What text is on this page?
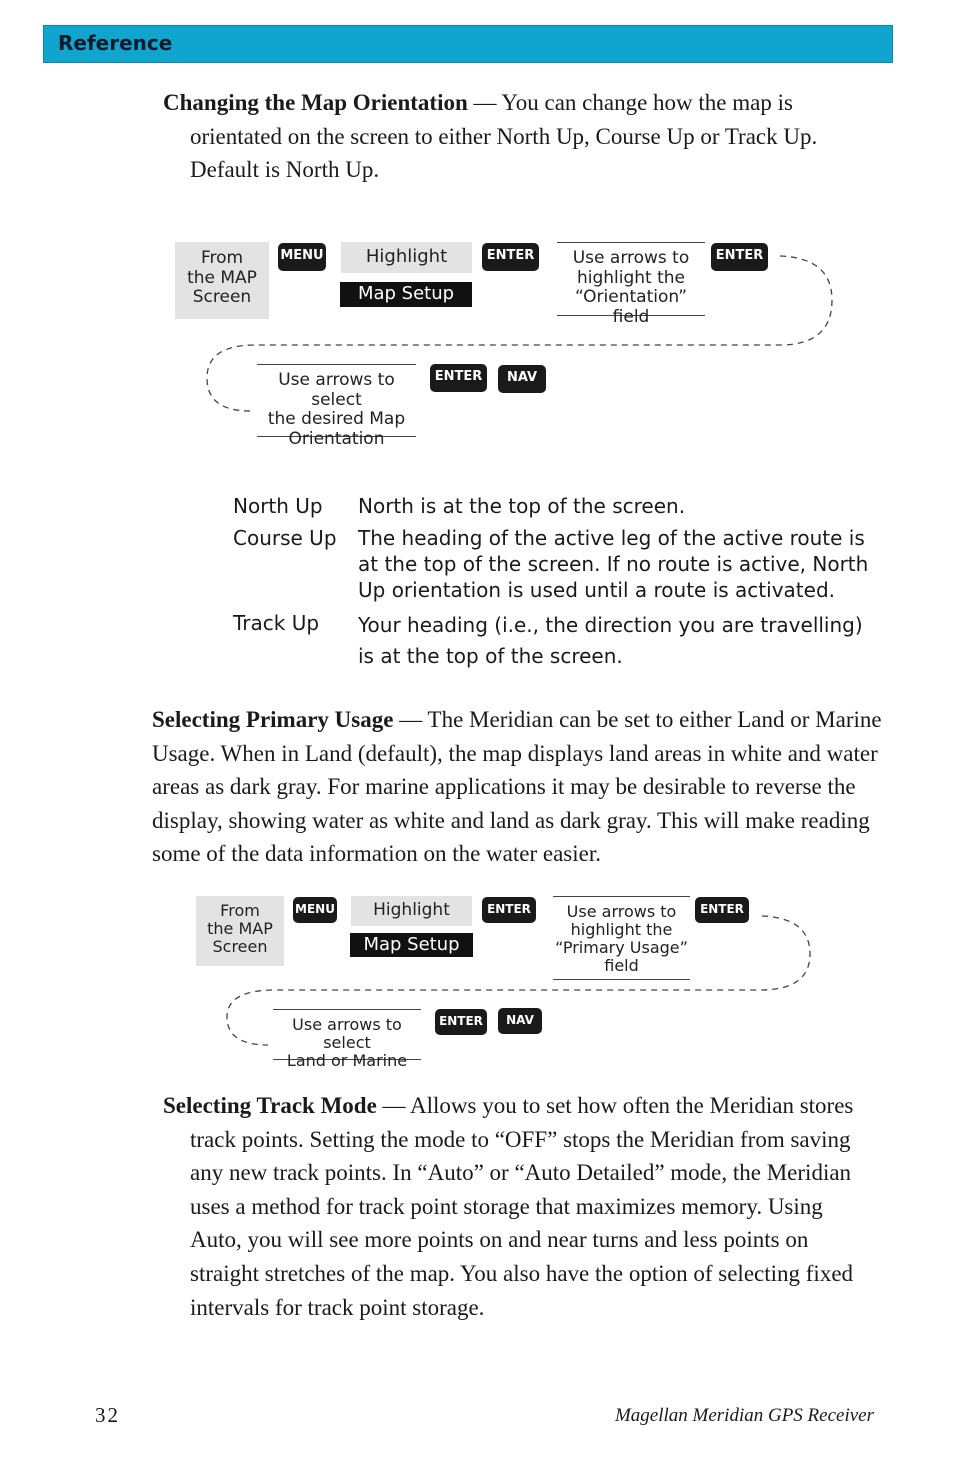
Reference
Changing the Map Orientation — You can change how the map is orientated on the screen to either North Up, Course Up or Track Up. Default is North Up.
From
the MAP
Screen
MENU	Highlight
Map Setup
ENTER	Use arrows to
highlight the
“Orientation” field
ENTER
Use arrows to select
the desired Map
Orientation
ENTER	NAV
North Up North is at the top of the screen.
Course Up The heading of the active leg of the active route is at the top of the screen. If no route is active, North Up orientation is used until a route is activated.
Track Up Your heading (i.e., the direction you are travelling) is at the top of the screen.
Selecting Primary Usage — The Meridian can be set to either Land or Marine Usage. When in Land (default), the map displays land areas in white and water areas as dark gray. For marine applications it may be desirable to reverse the display, showing water as white and land as dark gray. This will make reading some of the data information on the water easier.
From
the MAP
Screen
MENU	Highlight
Map Setup
ENTER	Use arrows to
highlight the
“Primary Usage”
field
ENTER
Use arrows to select
Land or Marine
ENTER	NAV
Selecting Track Mode — Allows you to set how often the Meridian stores track points. Setting the mode to “OFF” stops the Meridian from saving any new track points. In “Auto” or “Auto Detailed” mode, the Meridian uses a method for track point storage that maximizes memory. Using Auto, you will see more points on and near turns and less points on straight stretches of the map. You also have the option of selecting fixed intervals for track point storage.
32	Magellan Meridian GPS Receiver
